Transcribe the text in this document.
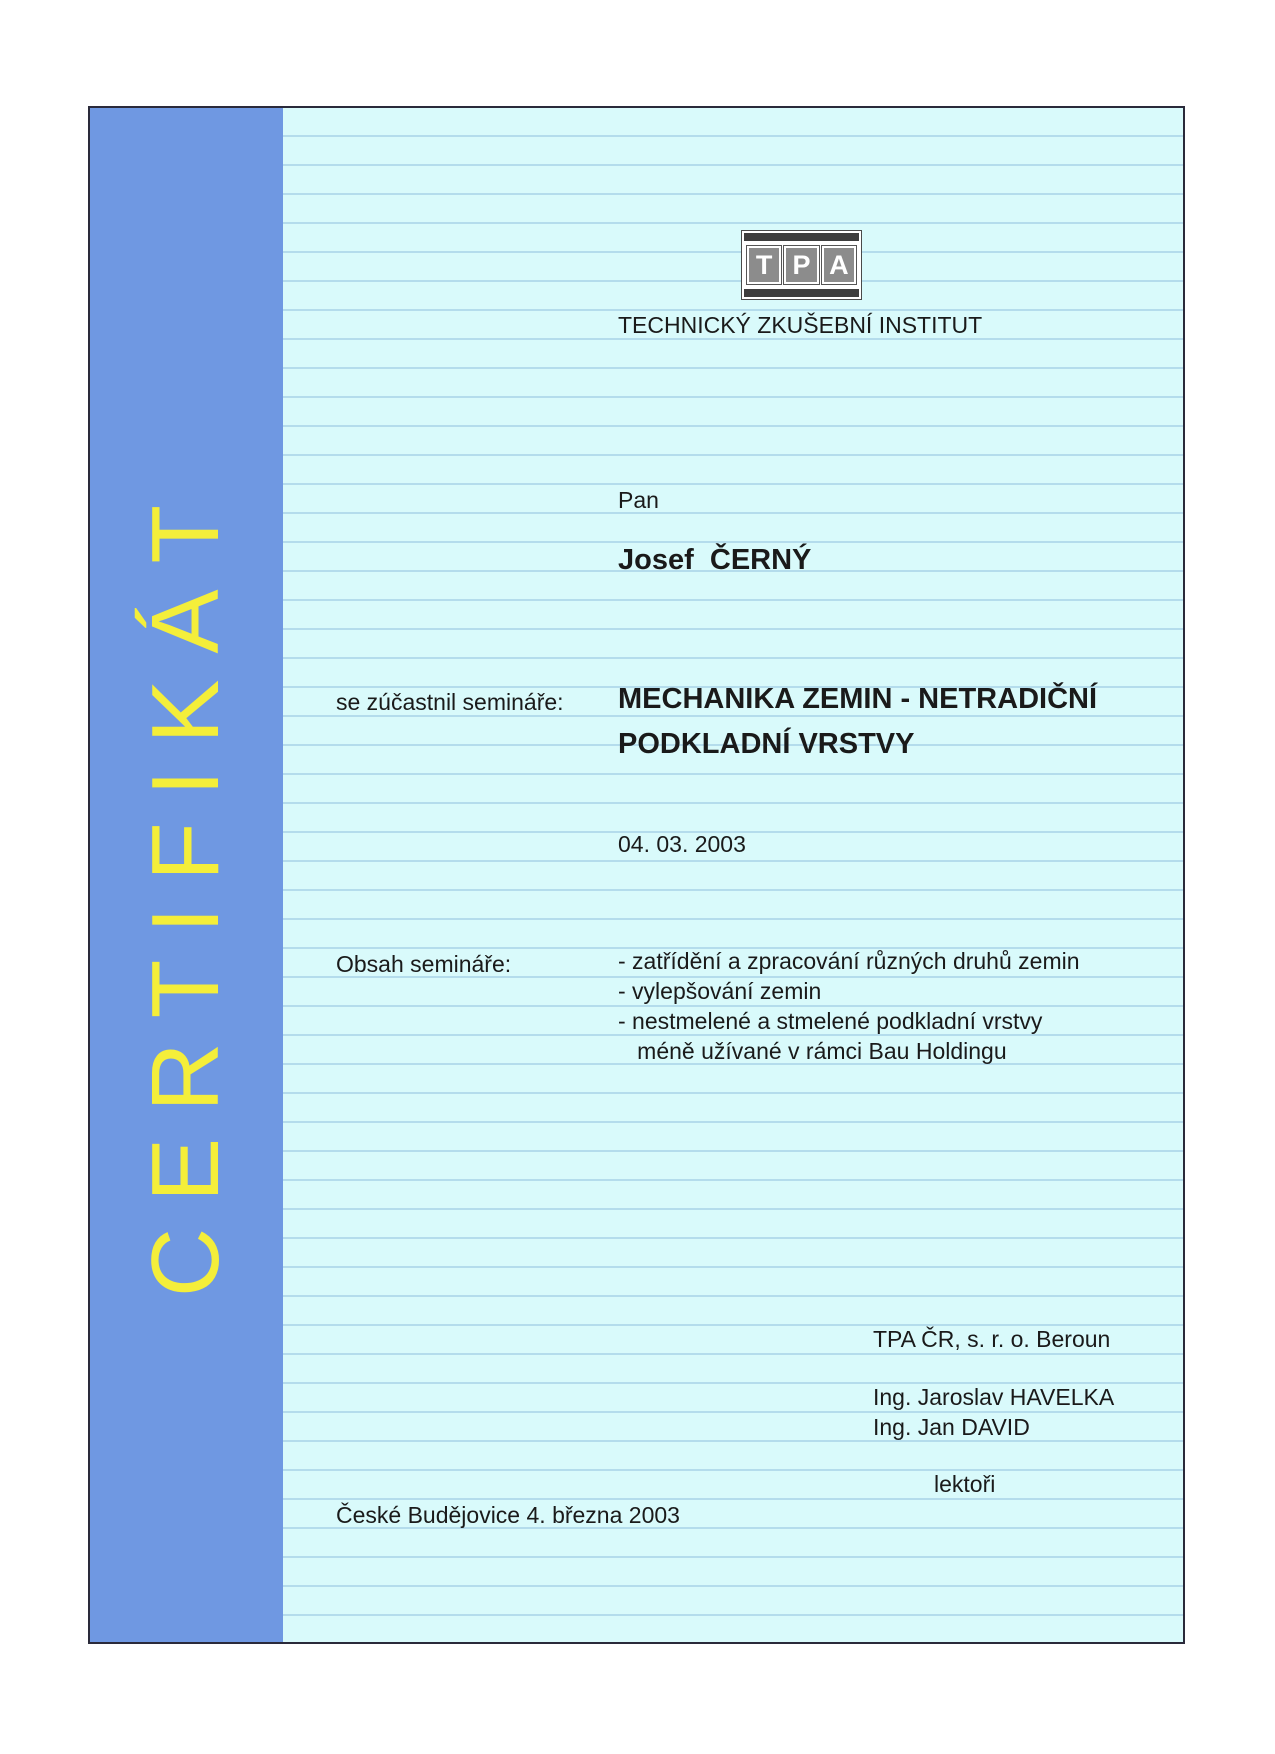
CERTIFIKÁT
T P A
TECHNICKÝ ZKUŠEBNÍ INSTITUT
Pan
Josef  ČERNÝ
se zúčastnil semináře: MECHANIKA ZEMIN - NETRADIČNÍ
PODKLADNÍ VRSTVY
04. 03. 2003
Obsah semináře:	- zatřídění a zpracování různých druhů zemin
- vylepšování zemin
- nestmelené a stmelené podkladní vrstvy
méně užívané v rámci Bau Holdingu
TPA ČR, s. r. o. Beroun
Ing. Jaroslav HAVELKA
Ing. Jan DAVID
lektoři
České Budějovice 4. března 2003
